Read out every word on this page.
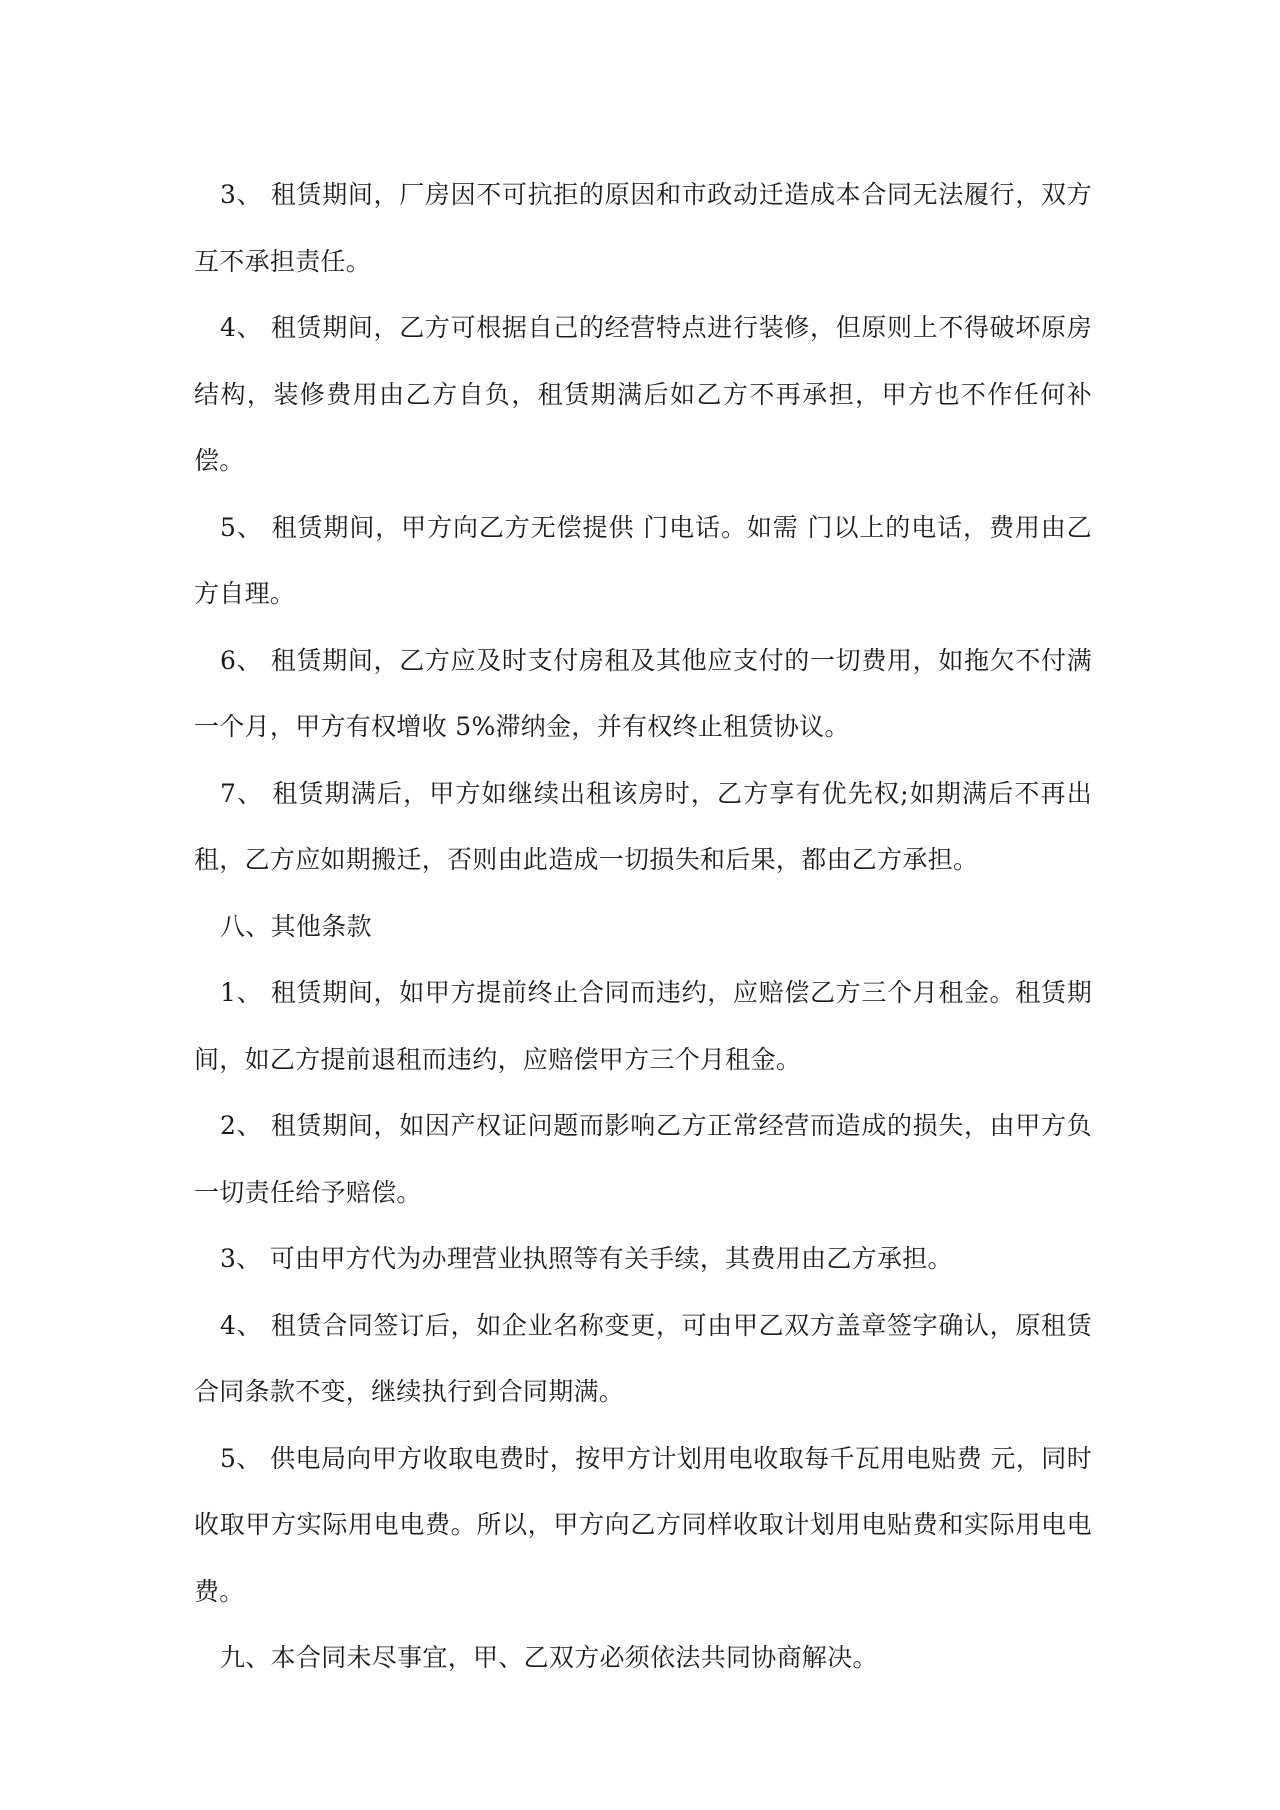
3、 租赁期间，厂房因不可抗拒的原因和市政动迁造成本合同无法履行，双方互不承担责任。

4、 租赁期间，乙方可根据自己的经营特点进行装修，但原则上不得破坏原房结构，装修费用由乙方自负，租赁期满后如乙方不再承担，甲方也不作任何补偿。

5、 租赁期间，甲方向乙方无偿提供 门电话。如需 门以上的电话，费用由乙方自理。

6、 租赁期间，乙方应及时支付房租及其他应支付的一切费用，如拖欠不付满一个月，甲方有权增收 5%滞纳金，并有权终止租赁协议。

7、 租赁期满后，甲方如继续出租该房时，乙方享有优先权;如期满后不再出租，乙方应如期搬迁，否则由此造成一切损失和后果，都由乙方承担。

八、其他条款

1、 租赁期间，如甲方提前终止合同而违约，应赔偿乙方三个月租金。租赁期间，如乙方提前退租而违约，应赔偿甲方三个月租金。

2、 租赁期间，如因产权证问题而影响乙方正常经营而造成的损失，由甲方负一切责任给予赔偿。

3、 可由甲方代为办理营业执照等有关手续，其费用由乙方承担。

4、 租赁合同签订后，如企业名称变更，可由甲乙双方盖章签字确认，原租赁合同条款不变，继续执行到合同期满。

5、 供电局向甲方收取电费时，按甲方计划用电收取每千瓦用电贴费 元，同时收取甲方实际用电电费。所以，甲方向乙方同样收取计划用电贴费和实际用电电费。

九、本合同未尽事宜，甲、乙双方必须依法共同协商解决。
